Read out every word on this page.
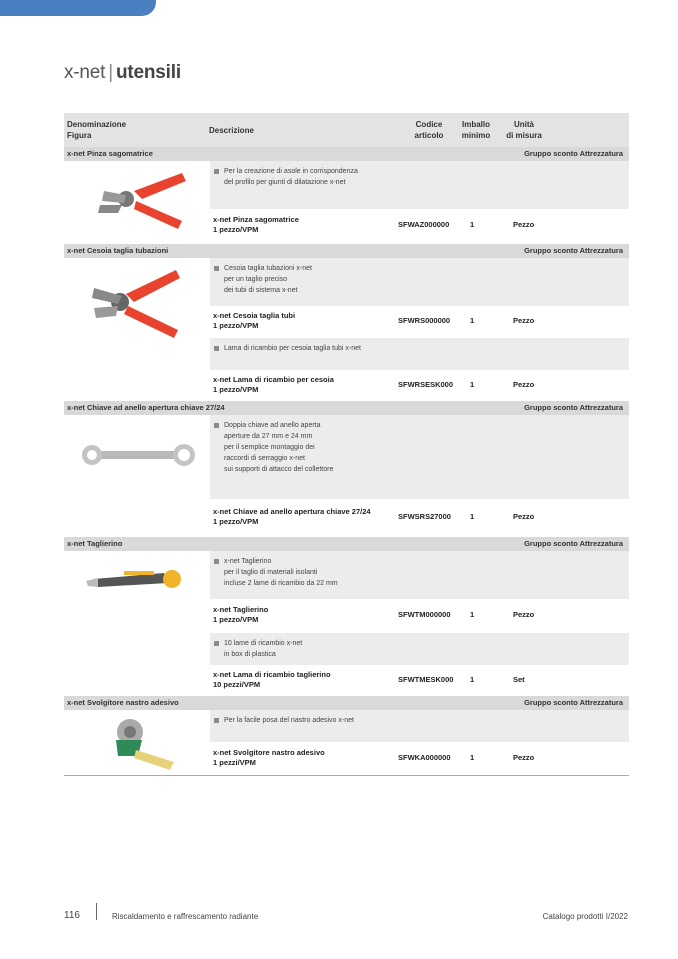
x-net | utensili
Denominazione
Figura
Descrizione
Codice
articolo
Imballo
minimo
Unità
di misura
x-net Pinza sagomatrice	Gruppo sconto Attrezzatura
Per la creazione di asole in corrispondenza
del profilo per giunti di dilatazione x-net
x-net Pinza sagomatrice
1 pezzo/VPM
SFWAZ000000	1	Pezzo
x-net Cesoia taglia tubazioni	Gruppo sconto Attrezzatura
Cesoia taglia tubazioni x-net
per un taglio preciso
dei tubi di sistema x-net
x-net Cesoia taglia tubi
1 pezzo/VPM
SFWRS000000	1	Pezzo
Lama di ricambio per cesoia taglia tubi x-net
x-net Lama di ricambio per cesoia
1 pezzo/VPM
SFWRSESK000	1	Pezzo
x-net Chiave ad anello apertura chiave 27/24	Gruppo sconto Attrezzatura
Doppia chiave ad anello aperta
aperture da 27 mm e 24 mm
per il semplice montaggio dei
raccordi di serraggio x-net
sui supporti di attacco del collettore
x-net Chiave ad anello apertura chiave 27/24
1 pezzo/VPM
SFWSRS27000	1	Pezzo
x-net Taglierino	Gruppo sconto Attrezzatura
x-net Taglierino
per il taglio di materiali isolanti
incluse 2 lame di ricambio da 22 mm
x-net Taglierino
1 pezzo/VPM
SFWTM000000	1	Pezzo
10 lame di ricambio x-net
in box di plastica
x-net Lama di ricambio taglierino
10 pezzi/VPM
SFWTMESK000	1	Set
x-net Svolgitore nastro adesivo	Gruppo sconto Attrezzatura
Per la facile posa del nastro adesivo x-net
x-net Svolgitore nastro adesivo
1 pezzi/VPM
SFWKA000000	1	Pezzo
116	Riscaldamento e raffrescamento radiante	Catalogo prodotti I/2022
